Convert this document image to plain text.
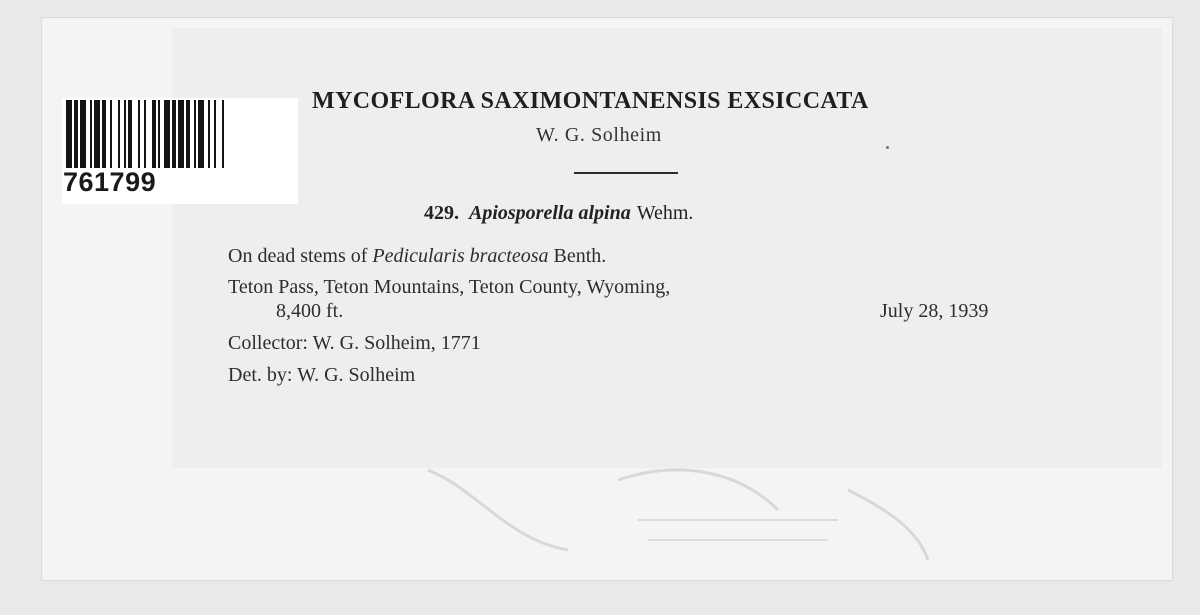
761799
MYCOFLORA SAXIMONTANENSIS EXSICCATA
W. G. Solheim
429. Apiosporella alpina Wehm.
On dead stems of Pedicularis bracteosa Benth.
Teton Pass, Teton Mountains, Teton County, Wyoming,
8,400 ft.	July 28, 1939
Collector: W. G. Solheim, 1771
Det. by: W. G. Solheim
